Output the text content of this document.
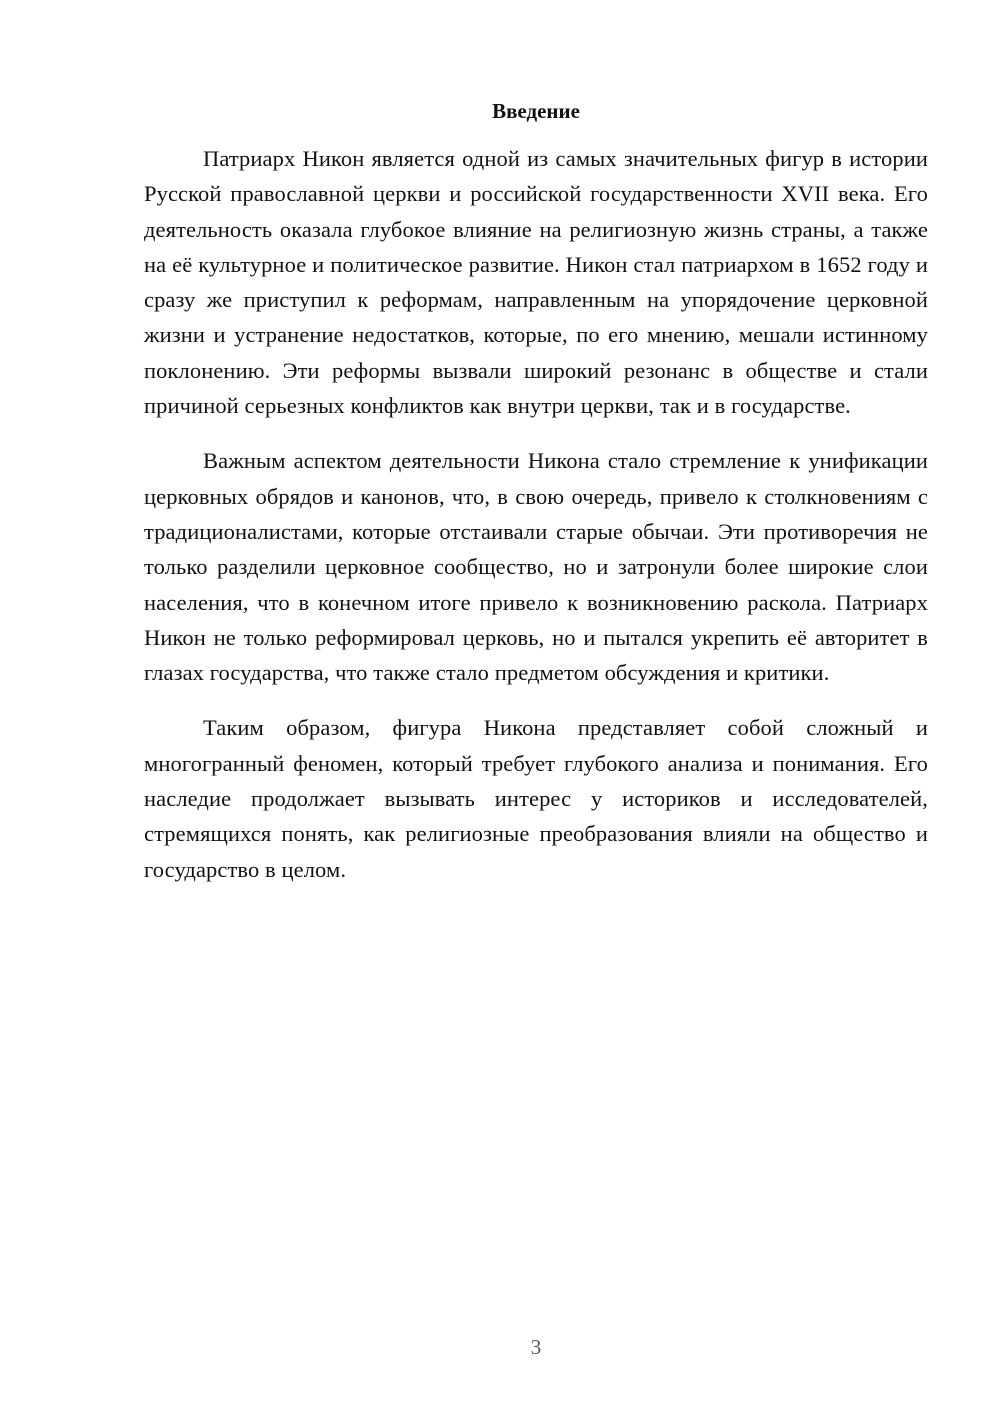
Введение

Патриарх Никон является одной из самых значительных фигур в истории Русской православной церкви и российской государственности XVII века. Его деятельность оказала глубокое влияние на религиозную жизнь страны, а также на её культурное и политическое развитие. Никон стал патриархом в 1652 году и сразу же приступил к реформам, направленным на упорядочение церковной жизни и устранение недостатков, которые, по его мнению, мешали истинному поклонению. Эти реформы вызвали широкий резонанс в обществе и стали причиной серьезных конфликтов как внутри церкви, так и в государстве.

Важным аспектом деятельности Никона стало стремление к унификации церковных обрядов и канонов, что, в свою очередь, привело к столкновениям с традиционалистами, которые отстаивали старые обычаи. Эти противоречия не только разделили церковное сообщество, но и затронули более широкие слои населения, что в конечном итоге привело к возникновению раскола. Патриарх Никон не только реформировал церковь, но и пытался укрепить её авторитет в глазах государства, что также стало предметом обсуждения и критики.

Таким образом, фигура Никона представляет собой сложный и многогранный феномен, который требует глубокого анализа и понимания. Его наследие продолжает вызывать интерес у историков и исследователей, стремящихся понять, как религиозные преобразования влияли на общество и государство в целом.

3
